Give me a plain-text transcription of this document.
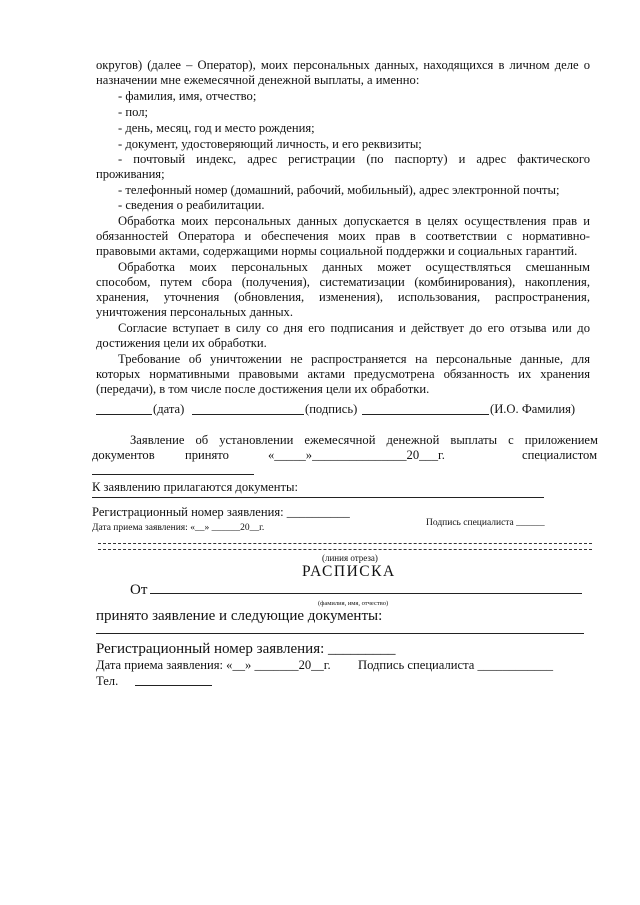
округов) (далее – Оператор), моих персональных данных, находящихся в личном деле о
назначении мне ежемесячной денежной выплаты, а именно:
- фамилия, имя, отчество;
- пол;
- день, месяц, год и место рождения;
- документ, удостоверяющий личность, и его реквизиты;
- почтовый индекс, адрес регистрации (по паспорту) и адрес фактического
проживания;
- телефонный номер (домашний, рабочий, мобильный), адрес электронной почты;
- сведения о реабилитации.
Обработка моих персональных данных допускается в целях осуществления прав и
обязанностей Оператора и обеспечения моих прав в соответствии с нормативно-
правовыми актами, содержащими нормы социальной поддержки и социальных гарантий.
Обработка моих персональных данных может осуществляться смешанным
способом, путем сбора (получения), систематизации (комбинирования), накопления,
хранения, уточнения (обновления, изменения), использования, распространения,
уничтожения персональных данных.
Согласие вступает в силу со дня его подписания и действует до его отзыва или до
достижения цели их обработки.
Требование об уничтожении не распространяется на персональные данные, для
которых нормативными правовыми актами предусмотрена обязанность их хранения
(передачи), в том числе после достижения цели их обработки.
(дата)	(подпись)	(И.О. Фамилия)
Заявление об установлении ежемесячной денежной выплаты с приложением
документов принято	«_____»_______________20___г.	специалистом
К заявлению прилагаются документы:
Регистрационный номер заявления: __________
Дата приема заявления: «__» ______20__г.	Подпись специалиста ______
(линия отреза)
РАСПИСКА
От
(фамилия, имя, отчество)
принято заявление и следующие документы:
Регистрационный номер заявления: _________
Дата приема заявления: «__» _______20__г. Подпись специалиста ____________
Тел.
